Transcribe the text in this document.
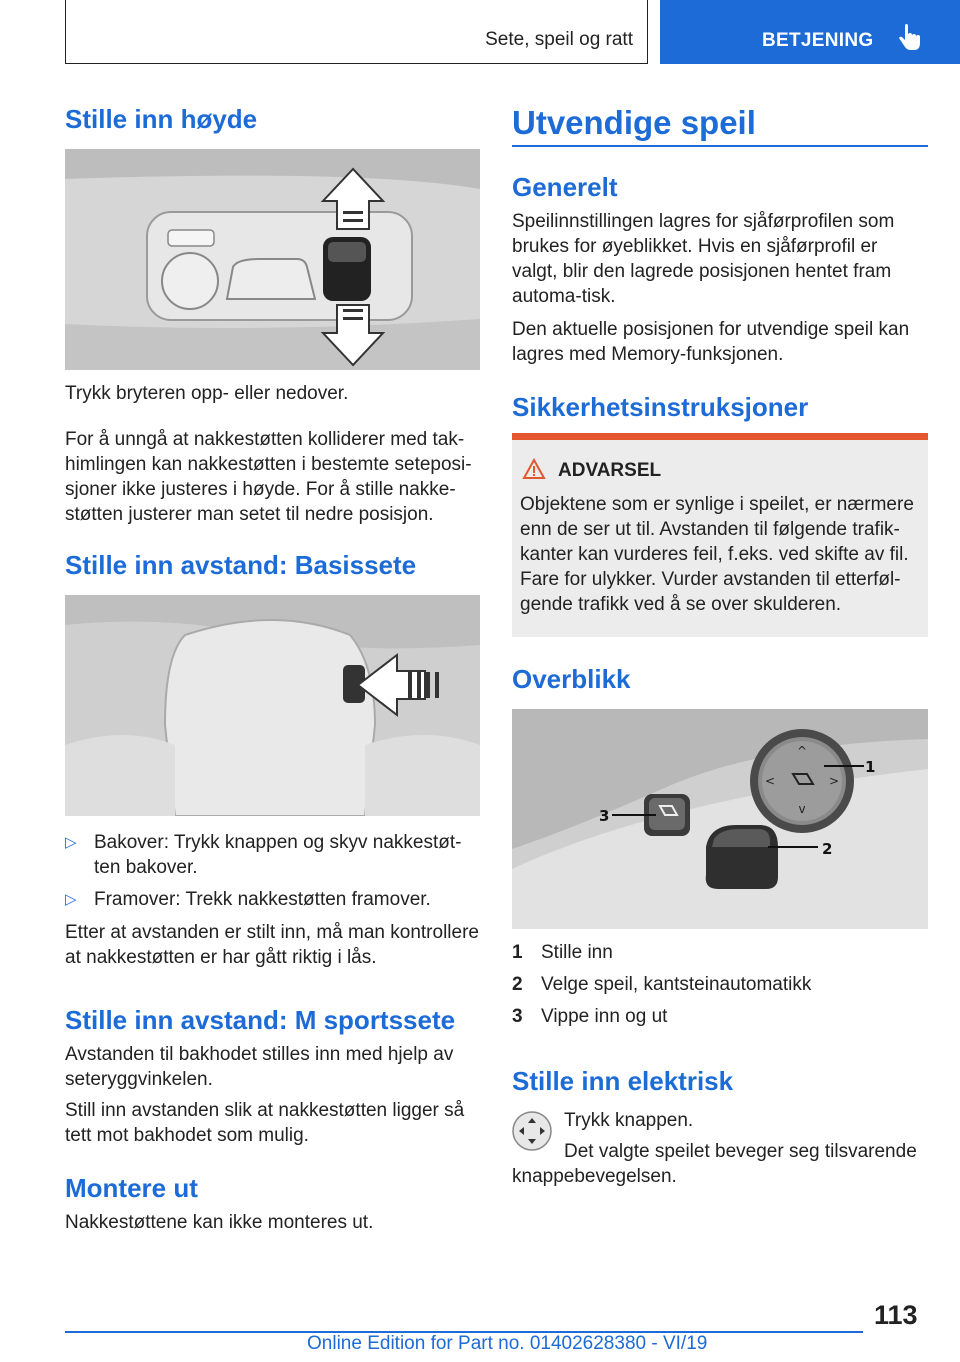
Sete, speil og ratt	BETJENING
Stille inn høyde
Trykk bryteren opp- eller nedover.
For å unngå at nakkestøtten kolliderer med tak-himlingen kan nakkestøtten i bestemte seteposi-sjoner ikke justeres i høyde. For å stille nakke-støtten justerer man setet til nedre posisjon.
Stille inn avstand: Basissete
▷ Bakover: Trykk knappen og skyv nakkestøt-ten bakover.
▷ Framover: Trekk nakkestøtten framover.
Etter at avstanden er stilt inn, må man kontrollere at nakkestøtten er har gått riktig i lås.
Stille inn avstand: M sportssete
Avstanden til bakhodet stilles inn med hjelp av seteryggvinkelen.
Still inn avstanden slik at nakkestøtten ligger så tett mot bakhodet som mulig.
Montere ut
Nakkestøttene kan ikke monteres ut.
Utvendige speil
Generelt
Speilinnstillingen lagres for sjåførprofilen som brukes for øyeblikket. Hvis en sjåførprofil er valgt, blir den lagrede posisjonen hentet fram automa-tisk.
Den aktuelle posisjonen for utvendige speil kan lagres med Memory-funksjonen.
Sikkerhetsinstruksjoner
ADVARSEL
Objektene som er synlige i speilet, er nærmere enn de ser ut til. Avstanden til følgende trafik-kanter kan vurderes feil, f.eks. ved skifte av fil. Fare for ulykker. Vurder avstanden til etterføl-gende trafikk ved å se over skulderen.
Overblikk
^
v
<	>
1
2
3
1 Stille inn
2 Velge speil, kantsteinautomatikk
3 Vippe inn og ut
Stille inn elektrisk
Trykk knappen.
Det valgte speilet beveger seg tilsvarende knappebevegelsen.
113
Online Edition for Part no. 01402628380 - VI/19
